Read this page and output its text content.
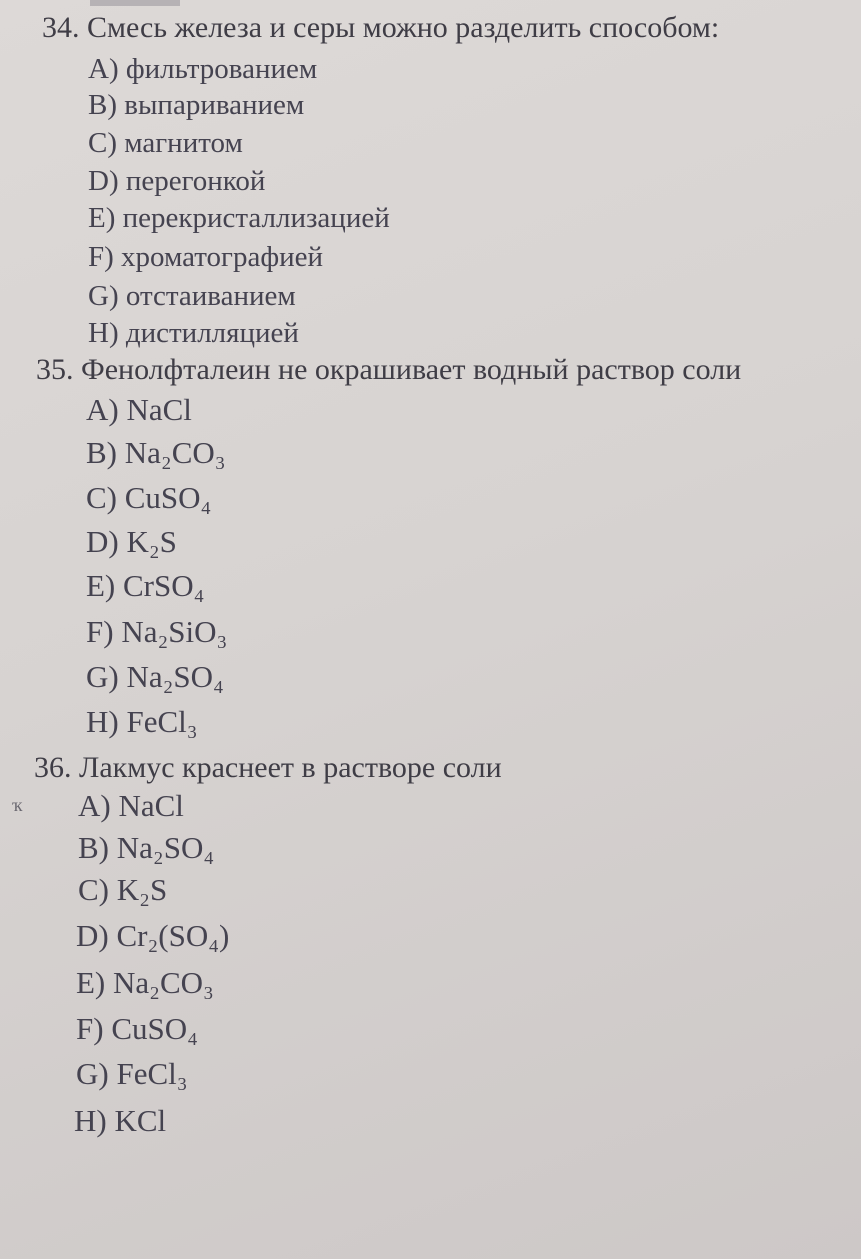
34. Смесь железа и серы можно разделить способом:
A) фильтрованием
B) выпариванием
C) магнитом
D) перегонкой
E) перекристаллизацией
F) хроматографией
G) отстаиванием
H) дистилляцией
35. Фенолфталеин не окрашивает водный раствор соли
A) NaCl
B) Na₂CO₃
C) CuSO₄
D) K₂S
E) CrSO₄
F) Na₂SiO₃
G) Na₂SO₄
H) FeCl₃
36. Лакмус краснеет в растворе соли
ҡ A) NaCl
B) Na₂SO₄
C) K₂S
D) Cr₂(SO₄)
E) Na₂CO₃
F) CuSO₄
G) FeCl₃
H) KCl
